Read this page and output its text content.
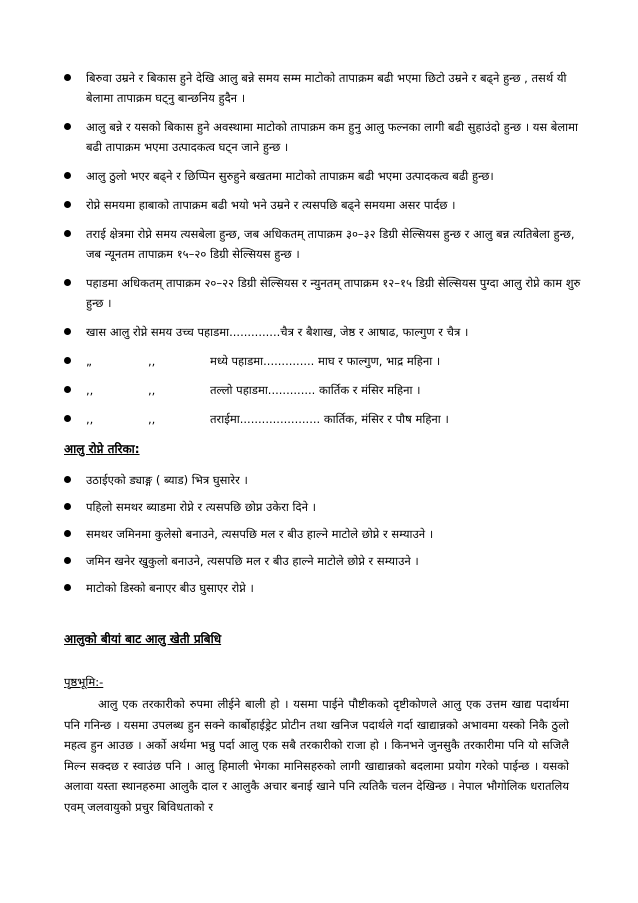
बिरुवा उम्रने र बिकास हुने देखि आलु बन्ने समय सम्म माटोको तापाक्रम बढी भएमा छिटो उम्रने र बढ्ने हुन्छ , तसर्थ यी बेलामा तापाक्रम घट्नु बान्छनिय हुदैन ।
आलु बन्ने र यसको बिकास हुने अवस्थामा माटोको तापाक्रम कम हुनु आलु फल्नका लागी बढी सुहाउंदो हुन्छ । यस बेलामा बढी तापाक्रम भएमा उत्पादकत्व घट्न जाने हुन्छ ।
आलु ठुलो भएर बढ्ने र छिप्पिन सुरुहुने बखतमा माटोको तापाक्रम बढी भएमा उत्पादकत्व बढी हुन्छ।
रोप्ने समयमा हाबाको तापाक्रम बढी भयो भने उम्रने र त्यसपछि बढ्ने समयमा असर पार्दछ ।
तराई क्षेत्रमा रोप्ने समय त्यसबेला हुन्छ, जब अधिकतम् तापाक्रम ३०–३२ डिग्री सेल्सियस हुन्छ र आलु बन्न त्यतिबेला हुन्छ, जब न्यूनतम तापाक्रम १५–२० डिग्री सेल्सियस हुन्छ ।
पहाडमा अधिकतम् तापाक्रम २०–२२ डिग्री सेल्सियस र न्युनतम् तापाक्रम १२–१५ डिग्री सेल्सियस पुग्दा आलु रोप्ने काम शुरु हुन्छ ।
खास आलु रोप्ने समय उच्च पहाडमा..............चैत्र र बैशाख, जेष्ठ र आषाढ, फाल्गुण र चैत्र ।
„	,,	मध्ये पहाडमा.............. माघ र फाल्गुण, भाद्र महिना ।
,,	,,	तल्लो पहाडमा............. कार्तिक र मंसिर महिना ।
,,	,,	तराईमा...................... कार्तिक, मंसिर र पौष महिना ।
आलु रोप्ने तरिका:
उठाईएको ड्याङ्ग ( ब्याड) भित्र घुसारेर ।
पहिलो समथर ब्याडमा रोप्ने र त्यसपछि छोप्न उकेरा दिने ।
समथर जमिनमा कुलेसो बनाउने, त्यसपछि मल र बीउ हाल्ने माटोले छोप्ने र सम्याउने ।
जमिन खनेर खुकुलो बनाउने, त्यसपछि मल र बीउ हाल्ने माटोले छोप्ने र सम्याउने ।
माटोको डिस्को बनाएर बीउ घुसाएर रोप्ने ।
आलुको बीयां बाट आलु खेती प्रबिधि
पृष्ठभूमि:-
आलु एक तरकारीको रुपमा लीईने बाली हो । यसमा पाईने पौष्टीकको दृष्टीकोणले आलु एक उत्तम खाद्य पदार्थमा पनि गनिन्छ । यसमा उपलब्ध हुन सक्ने कार्बोहाईड्रेट प्रोटीन तथा खनिज पदार्थले गर्दा खाद्यान्नको अभावमा यस्को निकै ठुलो महत्व हुन आउछ । अर्को अर्थमा भन्नु पर्दा आलु एक सबै तरकारीको राजा हो । किनभने जुनसुकै तरकारीमा पनि यो सजिलै मिल्न सक्दछ र स्वाउंछ पनि । आलु हिमाली भेगका मानिसहरुको लागी खाद्यान्नको बदलामा प्रयोग गरेको पाईन्छ । यसको अलावा यस्ता स्थानहरुमा आलुकै दाल र आलुकै अचार बनाई खाने पनि त्यतिकै चलन देखिन्छ । नेपाल भौगोलिक धरातलिय एवम् जलवायुको प्रचुर बिविधताको र
